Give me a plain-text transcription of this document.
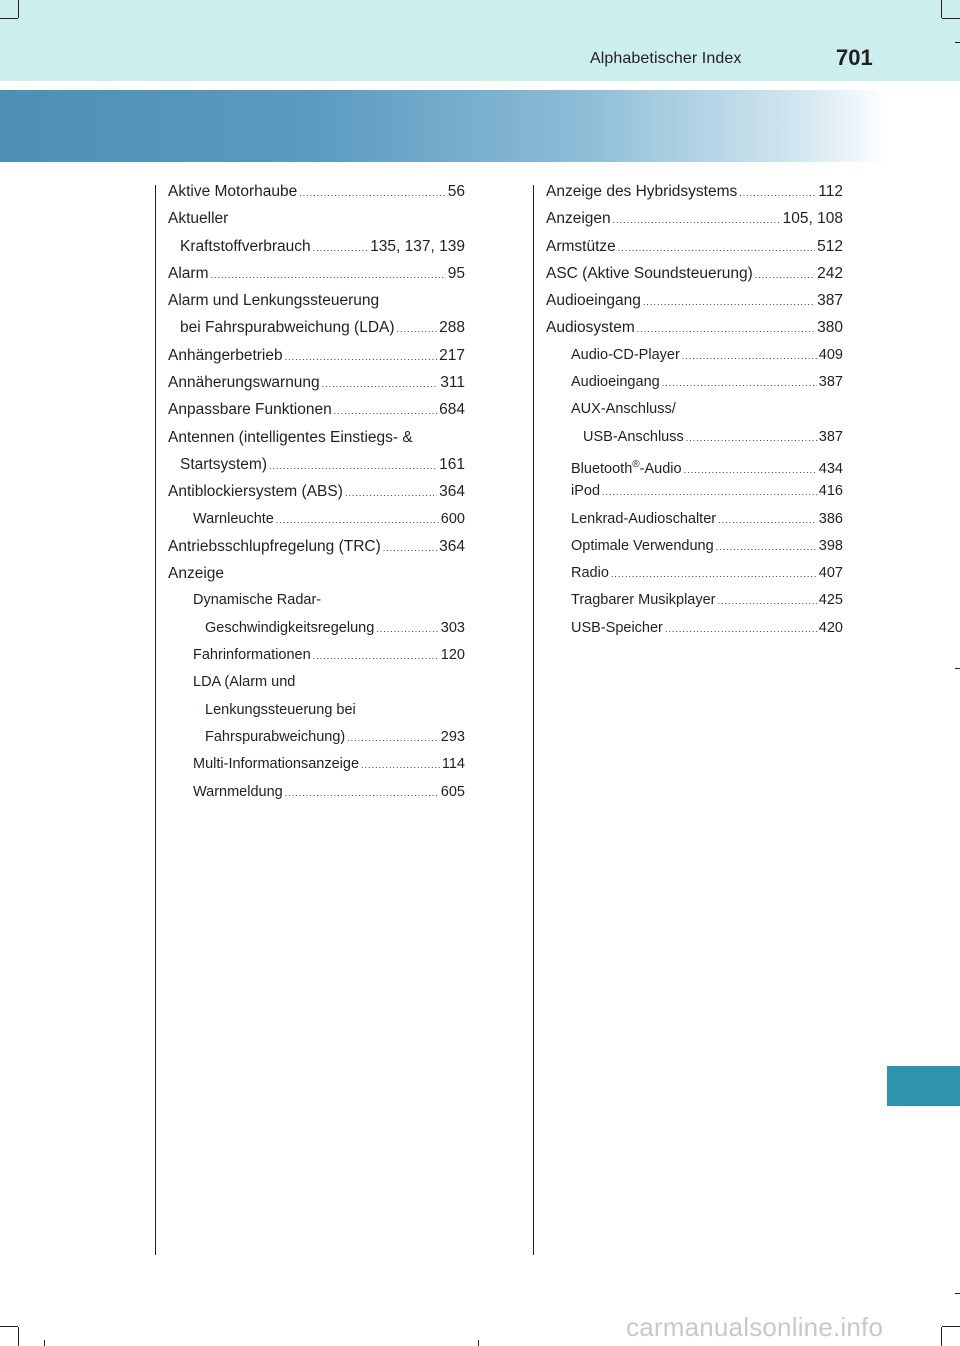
Alphabetischer Index	701
Aktive Motorhaube .....	56
Aktueller
Kraftstoffverbrauch .....	135, 137, 139
Alarm .....	95
Alarm und Lenkungssteuerung
bei Fahrspurabweichung (LDA) .....	288
Anhängerbetrieb .....	217
Annäherungswarnung .....	311
Anpassbare Funktionen .....	684
Antennen (intelligentes Einstiegs- &
Startsystem) .....	161
Antiblockiersystem (ABS) .....	364
Warnleuchte .....	600
Antriebsschlupfregelung (TRC) .....	364
Anzeige
Dynamische Radar-
Geschwindigkeitsregelung .....	303
Fahrinformationen .....	120
LDA (Alarm und
Lenkungssteuerung bei
Fahrspurabweichung) .....	293
Multi-Informationsanzeige .....	114
Warnmeldung .....	605
Anzeige des Hybridsystems .....	112
Anzeigen .....	105, 108
Armstütze .....	512
ASC (Aktive Soundsteuerung) .....	242
Audioeingang .....	387
Audiosystem .....	380
Audio-CD-Player .....	409
Audioeingang .....	387
AUX-Anschluss/
USB-Anschluss .....	387
Bluetooth®-Audio .....	434
iPod .....	416
Lenkrad-Audioschalter .....	386
Optimale Verwendung .....	398
Radio .....	407
Tragbarer Musikplayer .....	425
USB-Speicher .....	420
carmanualsonline.info
